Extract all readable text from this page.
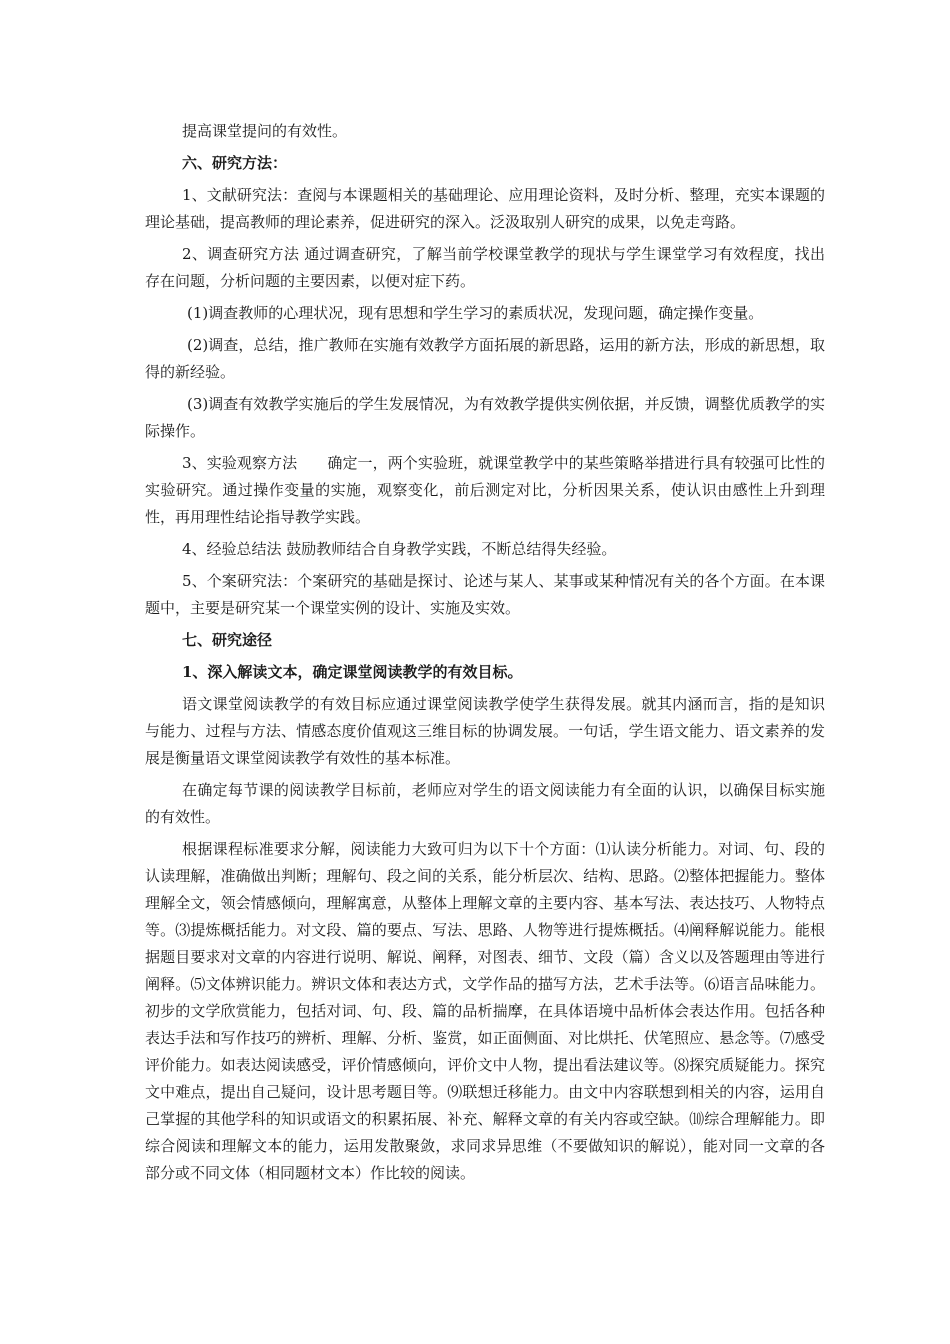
提高课堂提问的有效性。

六、研究方法：

1、文献研究法：查阅与本课题相关的基础理论、应用理论资料，及时分析、整理，充实本课题的理论基础，提高教师的理论素养，促进研究的深入。泛汲取别人研究的成果，以免走弯路。

2、调查研究方法 通过调查研究，了解当前学校课堂教学的现状与学生课堂学习有效程度，找出存在问题，分析问题的主要因素，以便对症下药。

(1)调查教师的心理状况，现有思想和学生学习的素质状况，发现问题，确定操作变量。

(2)调查，总结，推广教师在实施有效教学方面拓展的新思路，运用的新方法，形成的新思想，取得的新经验。

(3)调查有效教学实施后的学生发展情况，为有效教学提供实例依据，并反馈，调整优质教学的实际操作。

3、实验观察方法　　确定一，两个实验班，就课堂教学中的某些策略举措进行具有较强可比性的实验研究。通过操作变量的实施，观察变化，前后测定对比，分析因果关系，使认识由感性上升到理性，再用理性结论指导教学实践。

4、经验总结法 鼓励教师结合自身教学实践，不断总结得失经验。

5、个案研究法：个案研究的基础是探讨、论述与某人、某事或某种情况有关的各个方面。在本课题中，主要是研究某一个课堂实例的设计、实施及实效。

七、研究途径

1、深入解读文本，确定课堂阅读教学的有效目标。

语文课堂阅读教学的有效目标应通过课堂阅读教学使学生获得发展。就其内涵而言，指的是知识与能力、过程与方法、情感态度价值观这三维目标的协调发展。一句话，学生语文能力、语文素养的发展是衡量语文课堂阅读教学有效性的基本标准。

在确定每节课的阅读教学目标前，老师应对学生的语文阅读能力有全面的认识，以确保目标实施的有效性。

根据课程标准要求分解，阅读能力大致可归为以下十个方面：⑴认读分析能力。对词、句、段的认读理解，准确做出判断；理解句、段之间的关系，能分析层次、结构、思路。⑵整体把握能力。整体理解全文，领会情感倾向，理解寓意，从整体上理解文章的主要内容、基本写法、表达技巧、人物特点等。⑶提炼概括能力。对文段、篇的要点、写法、思路、人物等进行提炼概括。⑷阐释解说能力。能根据题目要求对文章的内容进行说明、解说、阐释，对图表、细节、文段（篇）含义以及答题理由等进行阐释。⑸文体辨识能力。辨识文体和表达方式，文学作品的描写方法，艺术手法等。⑹语言品味能力。初步的文学欣赏能力，包括对词、句、段、篇的品析揣摩，在具体语境中品析体会表达作用。包括各种表达手法和写作技巧的辨析、理解、分析、鉴赏，如正面侧面、对比烘托、伏笔照应、悬念等。⑺感受评价能力。如表达阅读感受，评价情感倾向，评价文中人物，提出看法建议等。⑻探究质疑能力。探究文中难点，提出自己疑问，设计思考题目等。⑼联想迁移能力。由文中内容联想到相关的内容，运用自己掌握的其他学科的知识或语文的积累拓展、补充、解释文章的有关内容或空缺。⑽综合理解能力。即综合阅读和理解文本的能力，运用发散聚敛，求同求异思维（不要做知识的解说），能对同一文章的各部分或不同文体（相同题材文本）作比较的阅读。
